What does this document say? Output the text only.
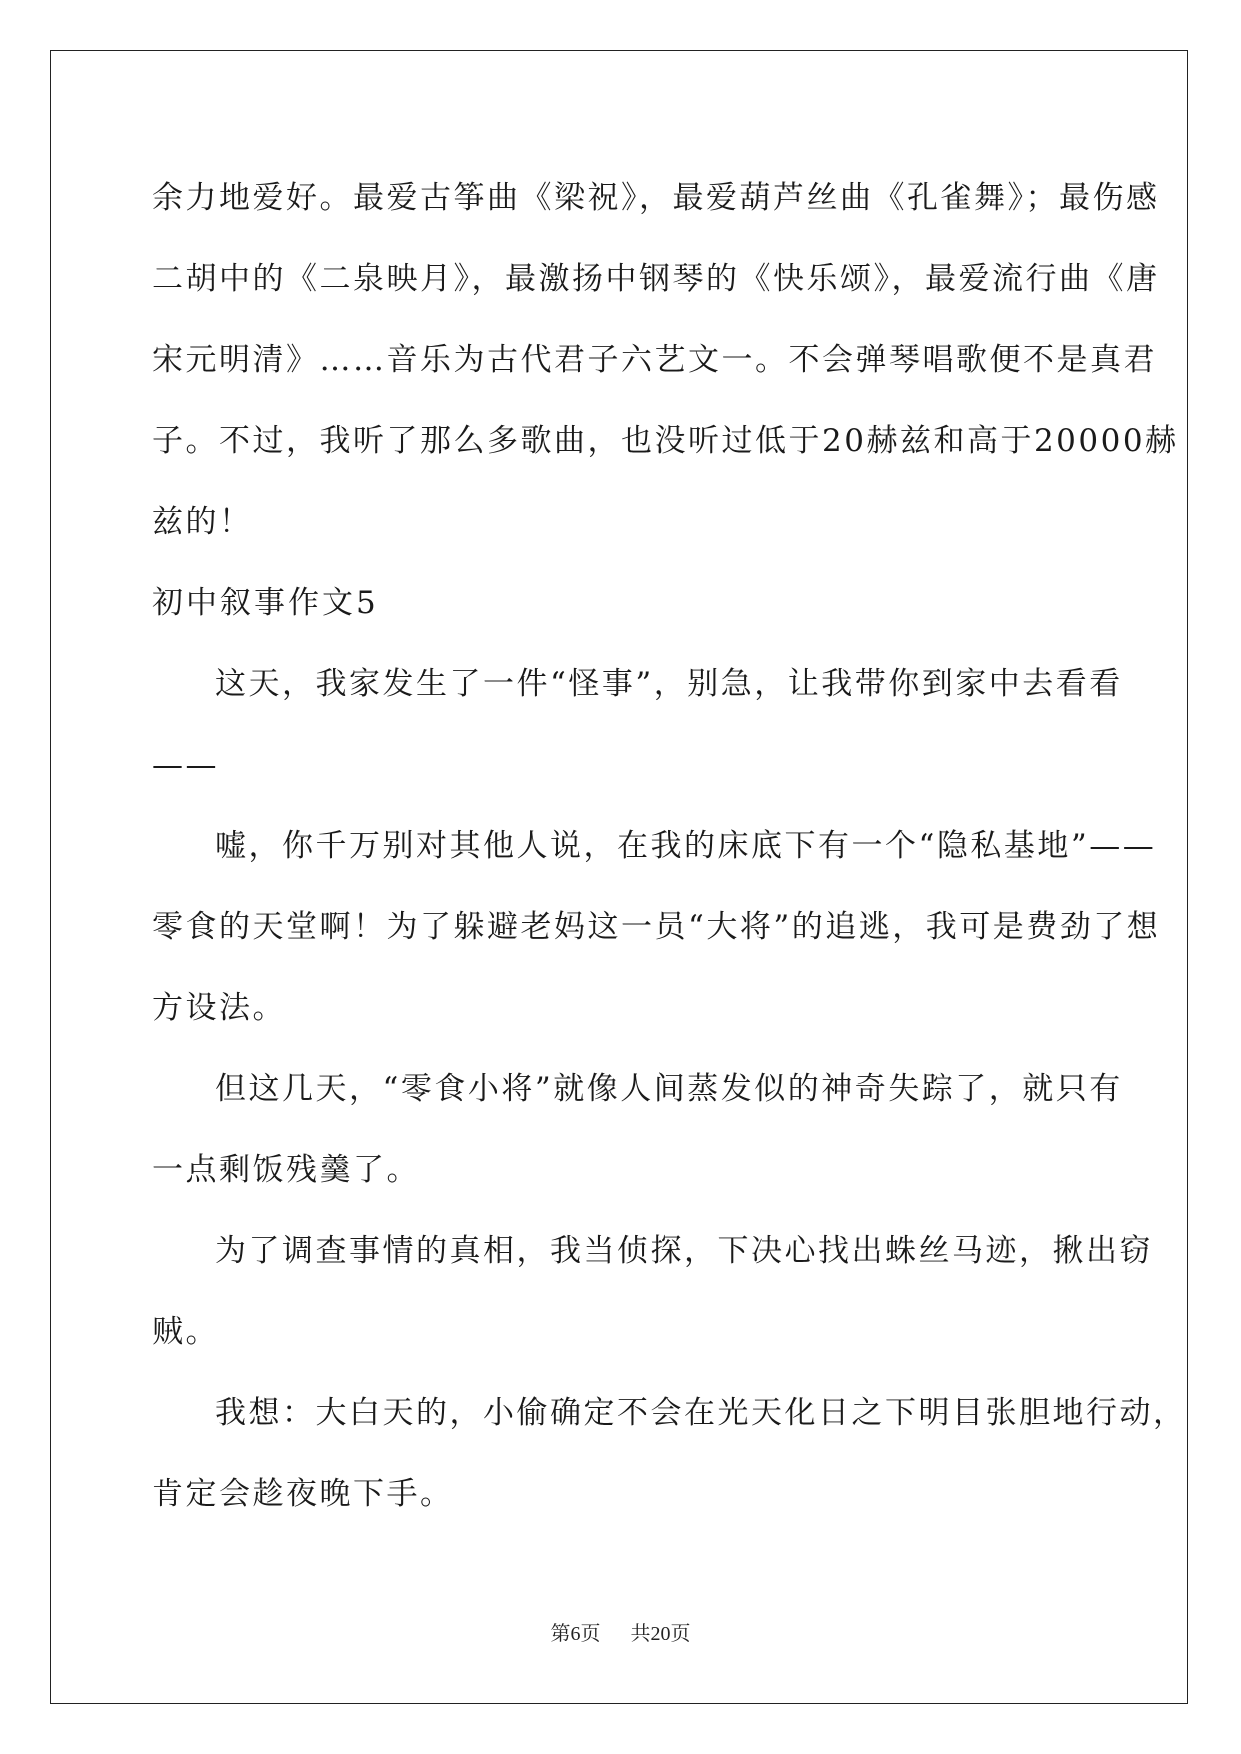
余力地爱好。最爱古筝曲《梁祝》，最爱葫芦丝曲《孔雀舞》；最伤感
二胡中的《二泉映月》，最激扬中钢琴的《快乐颂》，最爱流行曲《唐
宋元明清》……音乐为古代君子六艺文一。不会弹琴唱歌便不是真君
子。不过，我听了那么多歌曲，也没听过低于20赫兹和高于20000赫
兹的！
初中叙事作文5
这天，我家发生了一件“怪事”，别急，让我带你到家中去看看
——
嘘，你千万别对其他人说，在我的床底下有一个“隐私基地”——
零食的天堂啊！为了躲避老妈这一员“大将”的追逃，我可是费劲了想
方设法。
但这几天，“零食小将”就像人间蒸发似的神奇失踪了，就只有
一点剩饭残羹了。
为了调查事情的真相，我当侦探，下决心找出蛛丝马迹，揪出窃
贼。
我想：大白天的，小偷确定不会在光天化日之下明目张胆地行动，
肯定会趁夜晚下手。
第6页 共20页
